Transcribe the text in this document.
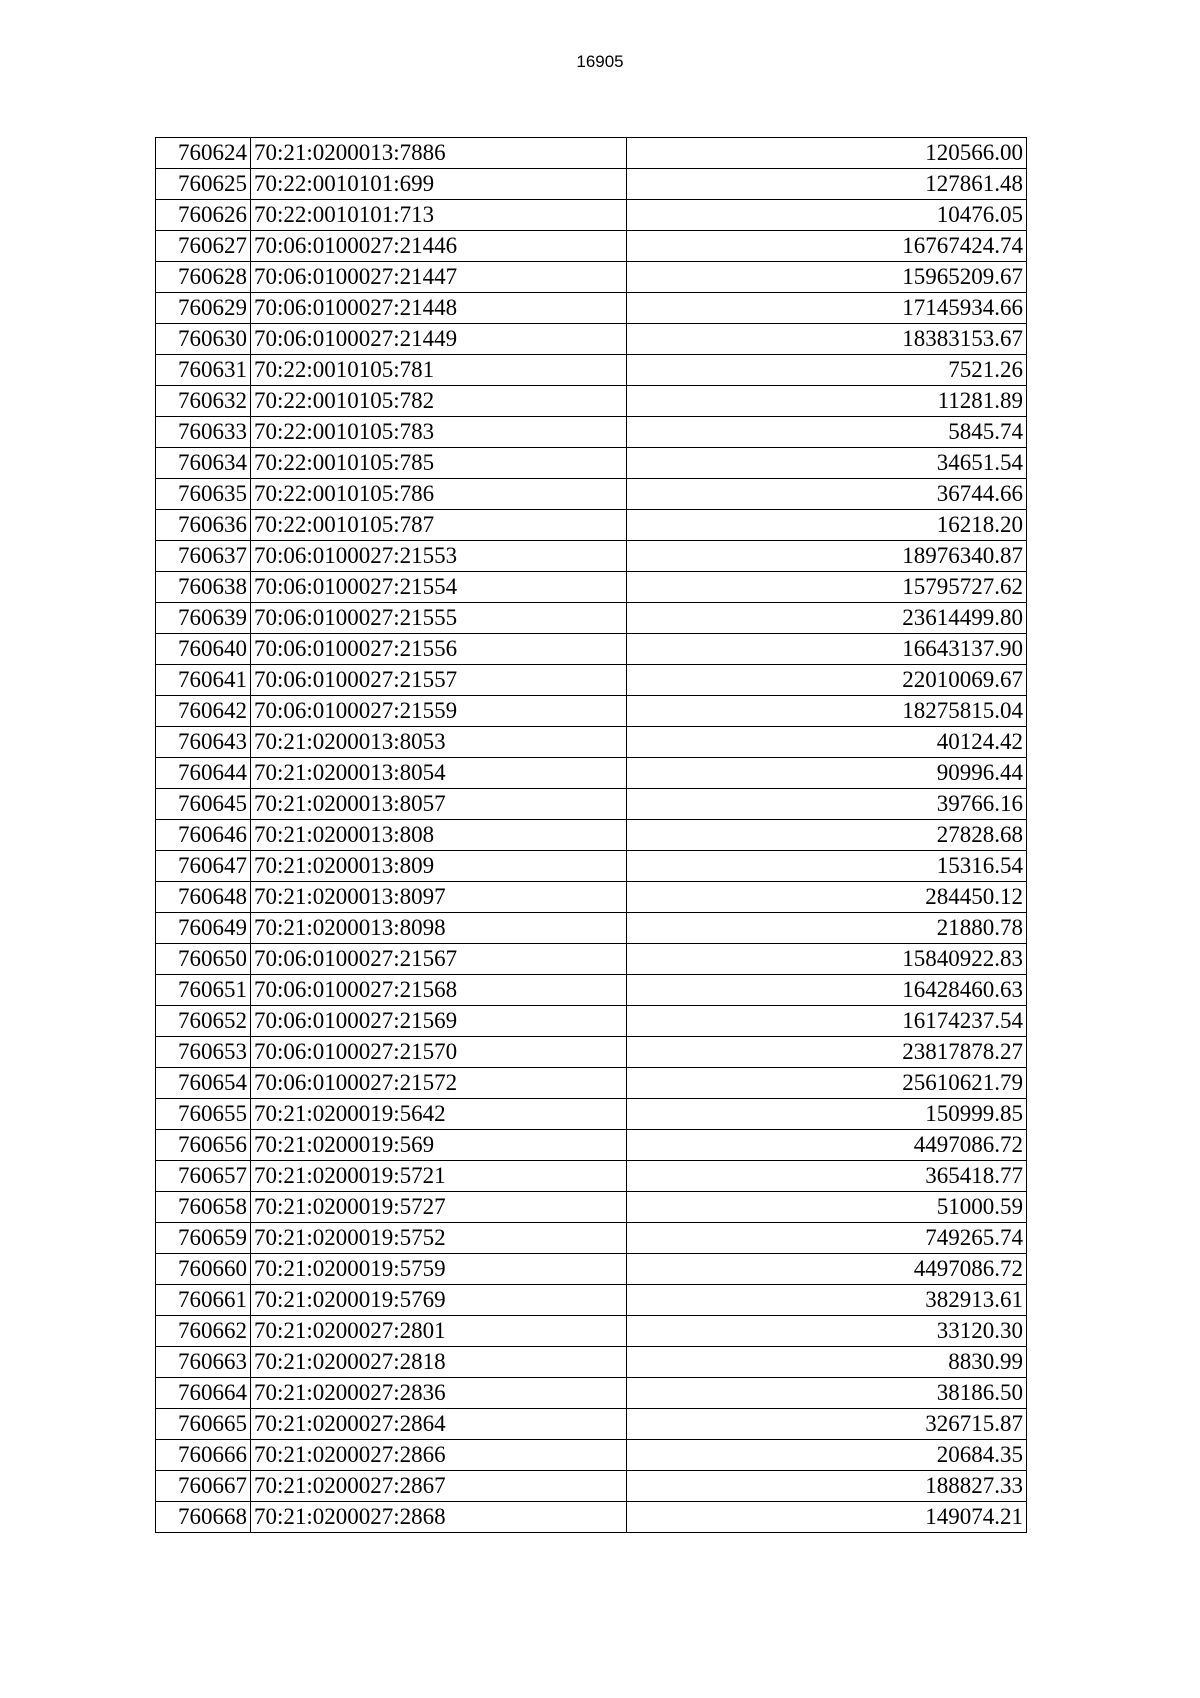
16905
760624	70:21:0200013:7886	120566.00
760625	70:22:0010101:699	127861.48
760626	70:22:0010101:713	10476.05
760627	70:06:0100027:21446	16767424.74
760628	70:06:0100027:21447	15965209.67
760629	70:06:0100027:21448	17145934.66
760630	70:06:0100027:21449	18383153.67
760631	70:22:0010105:781	7521.26
760632	70:22:0010105:782	11281.89
760633	70:22:0010105:783	5845.74
760634	70:22:0010105:785	34651.54
760635	70:22:0010105:786	36744.66
760636	70:22:0010105:787	16218.20
760637	70:06:0100027:21553	18976340.87
760638	70:06:0100027:21554	15795727.62
760639	70:06:0100027:21555	23614499.80
760640	70:06:0100027:21556	16643137.90
760641	70:06:0100027:21557	22010069.67
760642	70:06:0100027:21559	18275815.04
760643	70:21:0200013:8053	40124.42
760644	70:21:0200013:8054	90996.44
760645	70:21:0200013:8057	39766.16
760646	70:21:0200013:808	27828.68
760647	70:21:0200013:809	15316.54
760648	70:21:0200013:8097	284450.12
760649	70:21:0200013:8098	21880.78
760650	70:06:0100027:21567	15840922.83
760651	70:06:0100027:21568	16428460.63
760652	70:06:0100027:21569	16174237.54
760653	70:06:0100027:21570	23817878.27
760654	70:06:0100027:21572	25610621.79
760655	70:21:0200019:5642	150999.85
760656	70:21:0200019:569	4497086.72
760657	70:21:0200019:5721	365418.77
760658	70:21:0200019:5727	51000.59
760659	70:21:0200019:5752	749265.74
760660	70:21:0200019:5759	4497086.72
760661	70:21:0200019:5769	382913.61
760662	70:21:0200027:2801	33120.30
760663	70:21:0200027:2818	8830.99
760664	70:21:0200027:2836	38186.50
760665	70:21:0200027:2864	326715.87
760666	70:21:0200027:2866	20684.35
760667	70:21:0200027:2867	188827.33
760668	70:21:0200027:2868	149074.21
